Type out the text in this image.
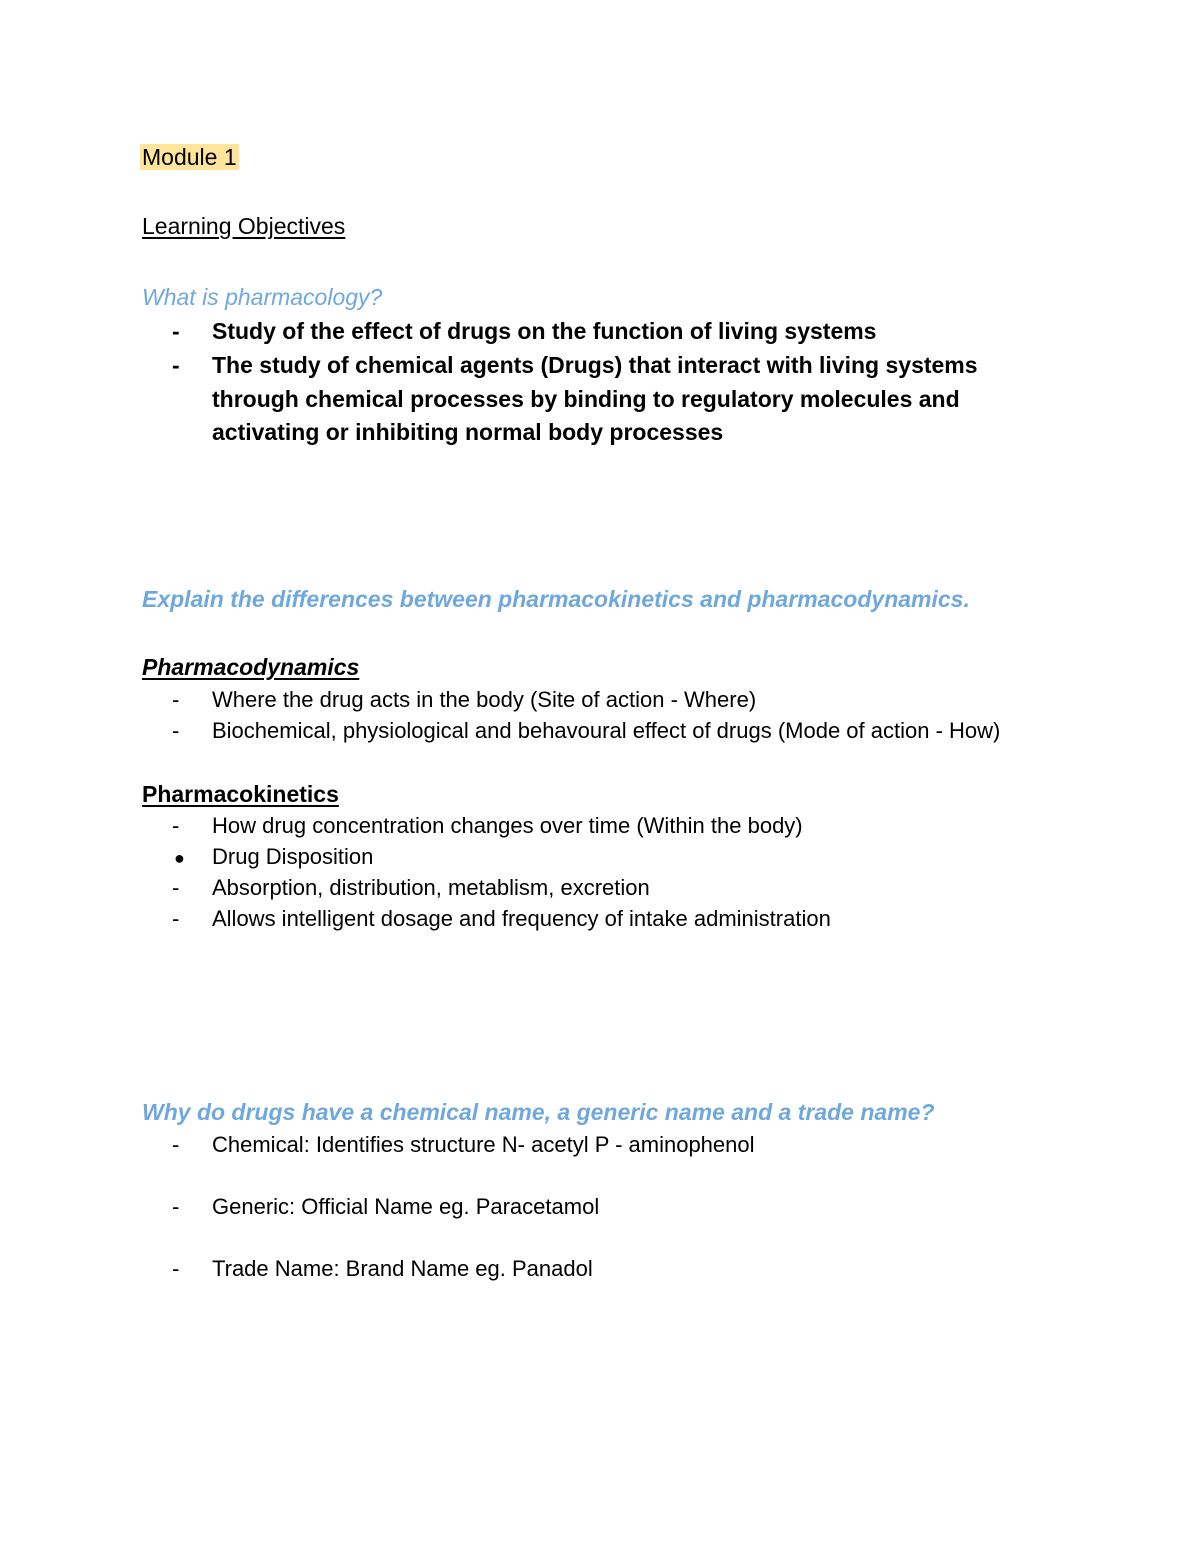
Module 1
Learning Objectives
What is pharmacology?
- Study of the effect of drugs on the function of living systems
- The study of chemical agents (Drugs) that interact with living systems
through chemical processes by binding to regulatory molecules and
activating or inhibiting normal body processes
Explain the differences between pharmacokinetics and pharmacodynamics.
Pharmacodynamics
- Where the drug acts in the body (Site of action - Where)
- Biochemical, physiological and behavoural effect of drugs (Mode of action - How)
Pharmacokinetics
- How drug concentration changes over time (Within the body)
● Drug Disposition
- Absorption, distribution, metablism, excretion
- Allows intelligent dosage and frequency of intake administration
Why do drugs have a chemical name, a generic name and a trade name?
- Chemical: Identifies structure N- acetyl P - aminophenol
- Generic: Official Name eg. Paracetamol
- Trade Name: Brand Name eg. Panadol
